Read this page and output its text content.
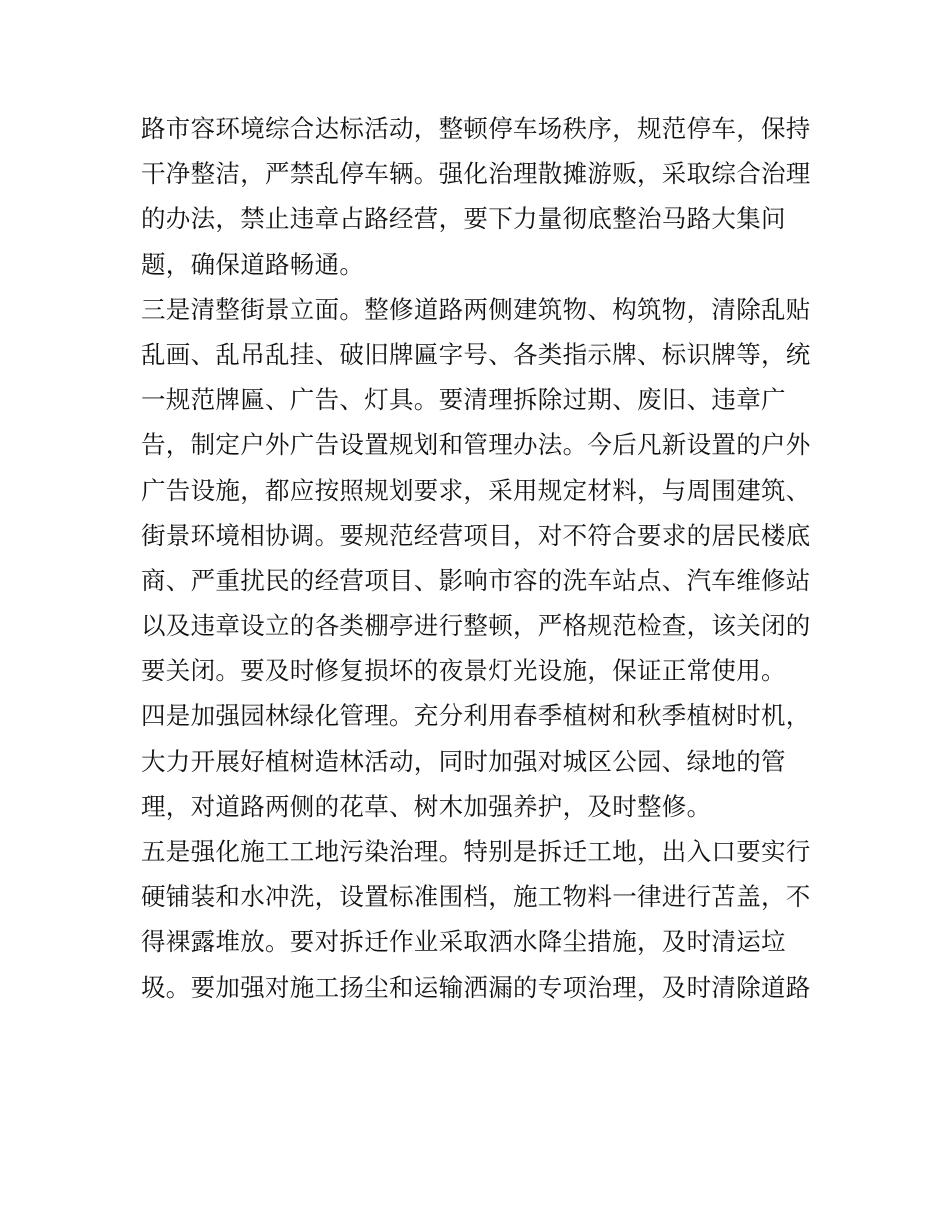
路市容环境综合达标活动，整顿停车场秩序，规范停车，保持
干净整洁，严禁乱停车辆。强化治理散摊游贩，采取综合治理
的办法，禁止违章占路经营，要下力量彻底整治马路大集问
题，确保道路畅通。
三是清整街景立面。整修道路两侧建筑物、构筑物，清除乱贴
乱画、乱吊乱挂、破旧牌匾字号、各类指示牌、标识牌等，统
一规范牌匾、广告、灯具。要清理拆除过期、废旧、违章广
告，制定户外广告设置规划和管理办法。今后凡新设置的户外
广告设施，都应按照规划要求，采用规定材料，与周围建筑、
街景环境相协调。要规范经营项目，对不符合要求的居民楼底
商、严重扰民的经营项目、影响市容的洗车站点、汽车维修站
以及违章设立的各类棚亭进行整顿，严格规范检查，该关闭的
要关闭。要及时修复损坏的夜景灯光设施，保证正常使用。
四是加强园林绿化管理。充分利用春季植树和秋季植树时机，
大力开展好植树造林活动，同时加强对城区公园、绿地的管
理，对道路两侧的花草、树木加强养护，及时整修。
五是强化施工工地污染治理。特别是拆迁工地，出入口要实行
硬铺装和水冲洗，设置标准围档，施工物料一律进行苫盖，不
得裸露堆放。要对拆迁作业采取洒水降尘措施，及时清运垃
圾。要加强对施工扬尘和运输洒漏的专项治理，及时清除道路
